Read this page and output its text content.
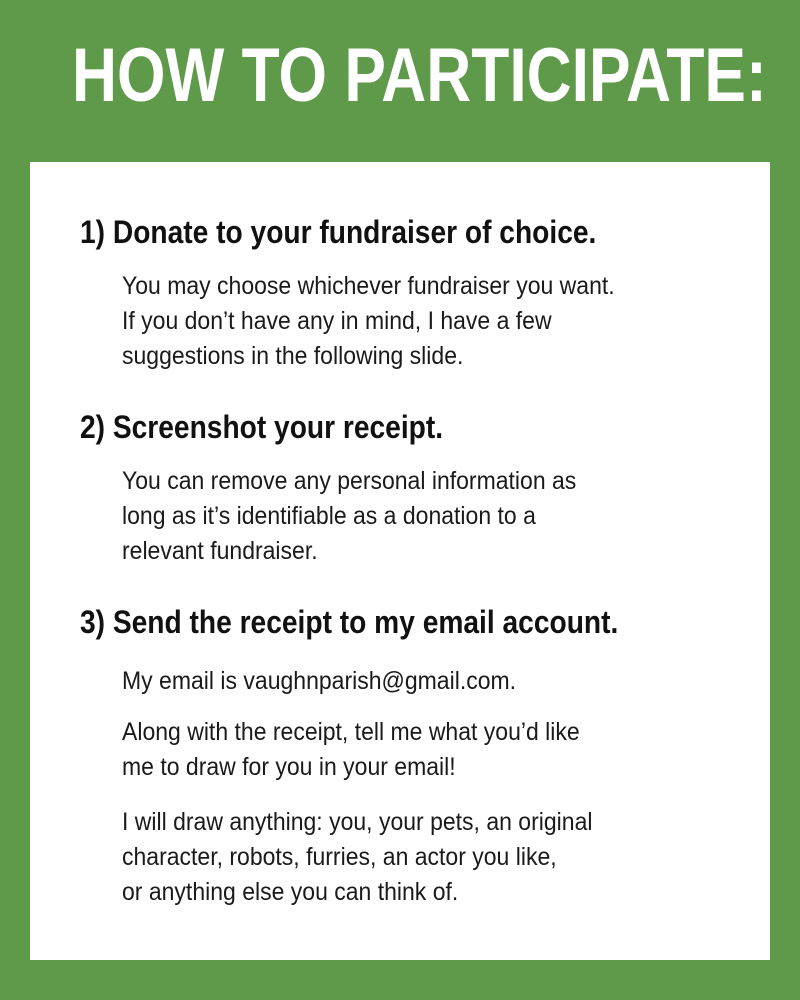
HOW TO PARTICIPATE:
1) Donate to your fundraiser of choice.

You may choose whichever fundraiser you want.
If you don’t have any in mind, I have a few
suggestions in the following slide.

2) Screenshot your receipt.

You can remove any personal information as
long as it’s identifiable as a donation to a
relevant fundraiser.

3) Send the receipt to my email account.

My email is vaughnparish@gmail.com.

Along with the receipt, tell me what you’d like
me to draw for you in your email!

I will draw anything: you, your pets, an original
character, robots, furries, an actor you like,
or anything else you can think of.
